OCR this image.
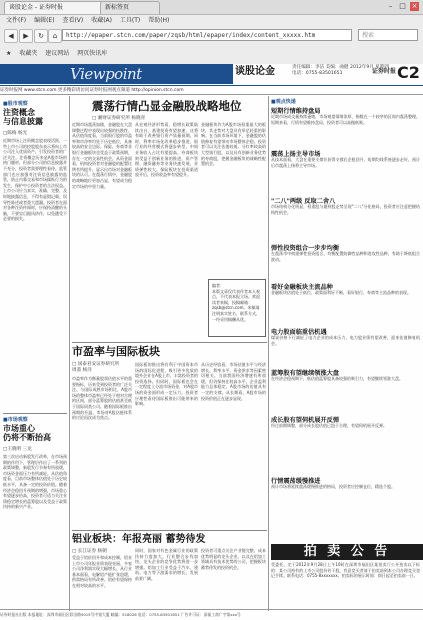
谈股论金 - 证券时报	新标签页	– □ ×
文件(F) 编辑(E) 查看(V) 收藏(A) 工具(T) 帮助(H)
◀	▶	↻	⌂	http://epaper.stcn.com/paper/zqsb/html/epaper/index/content_xxxxx.htm	搜索
★ 收藏夹 建议网站 网页快讯库
Viewpoint	谈股论金	责任编辑：李洁 美编：曲健 2012年9月 星期四 电话：0755-83501651	证券时报 C2
证券时报网 www.stcn.com 更多精彩请访问证券时报网观点频道 http://opinion.stcn.com
■股市观察
注资概念
与信息披露
□陈梅 杨光
近期市场上注资概念股表现活跃，一些上市公司的控股股东表示将向上市公司注入优质资产，引发投资者的广泛关注。注资概念历来是A股市场的热门题材，但部分公司的信息披露并不充分，投资者需要理性看待。监管部门也应加强对注资信息披露的监管，防止内幕交易和市场操纵行为的发生，保护中小投资者的合法权益。上市公司应当真实、准确、完整、及时地披露信息，不得有虚假记载、误导性陈述或者重大遗漏。投资者在面对各种注资传闻时，应保持清醒的头脑，不要盲目跟风炒作，以免遭受不必要的损失。
■市场观察
市场重心
仍将不断抬高
□王晓明 三龙
第三次启动新股发行改革，在市场预期的作用下，管理层作出了一系列的政策调整，新股发行节奏有所放缓，市场资金面压力有所减轻。从估值角度看，目前市场整体估值处于历史较低水平，具备一定的投资价值。随着经济企稳回升预期的增强，市场重心有望逐步抬高，投资者可适当关注业绩稳定增长的蓝筹股以及受益于政策扶持的新兴产业。
震荡行情凸显金融股战略地位
□ 湘财证券研究所 杨晓青
近期市场震荡加剧，金融股在大盘调整过程中表现出较强的抗跌性。从估值角度看，当前银行股的市盈率和市净率均处于历史低位，具备较高的安全边际。保险、券商等非银行金融板块也受益于政策预期，存在一定的交易性机会。从资金面看，机构投资者对金融股的配置比例有所提升，显示出市场对金融板块的认可。在震荡行情中，金融股的战略地位更加凸显，有望成为稳定市场的中坚力量。
从宏观经济形势看，稳增长政策陆续出台，基建投资有望加速，这将有助于改善银行资产质量预期。同时，利率市场化改革稳步推进，银行业的经营模式将逐步转型，中间业务收入占比有望提高。券商板块则受益于创新业务的推进，资产管理、融资融券等业务快速发展，业绩弹性较大。保险板块在投资渠道放开后，投资收益率有望提升。
金融板块作为A股市场权重最大的板块，其走势对大盘具有举足轻重的影响。在当前市场环境下，金融股的估值修复有望带动市场整体企稳。投资者可以关注估值较低、分红率较高的大型银行股，以及具有创新业务优势的券商股，把握金融板块的战略性配置机会。
编者：
本版文章仅代表作者本人观点，不代表本报立场。欢迎读者来稿，投稿邮箱：zqsb@stcn.com。来稿请注明真实姓名、联系方式，一经采用稿酬从优。
市盈率与国际板块
□ 国泰君安证券研究所
周蔷 杨洋
市盈率作为衡量股票估值水平的重要指标，历来受到投资者的广泛关注。与国际成熟市场相比，A股市场的整体市盈率已经处于相对合理的区间，部分蓝筹股的估值甚至低于国际同类公司。随着国际板推出预期的升温，市场对A股估值体系的讨论再次成为焦点。
国际板的推出将有利于中国资本市场的国际化进程，吸引更多优质的境外企业在A股上市，丰富投资者的投资选择。但同时，国际板也会在一定程度上分流市场资金，对A股市场的资金面形成一定压力。投资者应理性看待国际板推出可能带来的影响。
从历史经验看，市场估值水平与经济增长、利率水平、资金供求等因素密切相关。当前我国经济增速有所放缓，但仍保持在较高水平，企业盈利能力总体稳定，A股市场的估值具有一定的支撑。从长期看，A股市场的投资价值正在逐步显现。
铝业板块：年报亮丽 蓄势待发
□ 长江证券 杨朝
受益于铝价回升和成本控制，铝业上市公司年报业绩表现亮丽，多家公司净利润实现大幅增长。从行业基本面看，电解铝产能扩张趋缓，供需格局有所改善，铝价有望保持在相对较高的水平。
同时，国家对有色金属行业的政策扶持力度加大，行业整合步伐加快，龙头企业的竞争优势将进一步增强。铝加工行业受益于汽车、建筑、电力等下游需求的增长，发展前景广阔。
投资者可重点关注产业链完整、成本优势明显的龙头企业，以及在铝加工领域具有技术优势的公司，把握板块蓄势待发的投资机会。
■观点快递
短期行情维持盘局
近期市场成交量持续萎缩，市场观望情绪浓厚，指数在一个较窄的区间内震荡整理。短期来看，行情有望维持盘局，投资者可以高抛低吸。
震荡上扬主导市场
从技术面看，大盘在重要支撑位获得支撑后企稳回升，短期均线系统逐步走好，预计后市震荡上扬将主导市场。
"二八"两级 反取二舍八
市场结构分化明显，权重股与题材股走势呈现"二八"分化格局，投资者应注意把握结构性机会。
弹性投资组合一步步均衡
在震荡市中构建弹性投资组合，均衡配置防御性品种和进攻性品种，有助于降低组合波动。
看好金融板块主流品种
金融板块估值处于低位，政策面利好不断，看好银行、券商等主流品种的表现。
电力股面临重估机遇
煤炭价格下行减轻了电力企业的成本压力，电力股业绩有望改善，迎来估值修复机会。
蓝筹股有望继续领涨大盘
在经济企稳预期下，低估值蓝筹股具备较强的吸引力，有望继续领涨大盘。
成长股有望伺机展开反弹
经过前期调整，部分成长股估值已趋于合理，有望伺机展开反弹。
行情震荡缓慢推进
预计市场将延续震荡缓慢推进的格局，投资者应控制仓位，精选个股。
拍 卖 公 告
受委托，定于2012年9月28日上午10时在深圳市福田区某拍卖厅公开拍卖以下标的：某公司持有的上市公司股份若干股。有意竞买者请于拍卖前到本公司办理竞买登记手续。联系电话：0755-8xxxxxxx。拍卖标的展示时间：即日起至拍卖前一日。
证券时报社出版 本报地址：深圳市福田区彩田路5015号中银大厦 邮编：518026 电话：0755-83501651 广告许可证：深福工商广字第xxx号
